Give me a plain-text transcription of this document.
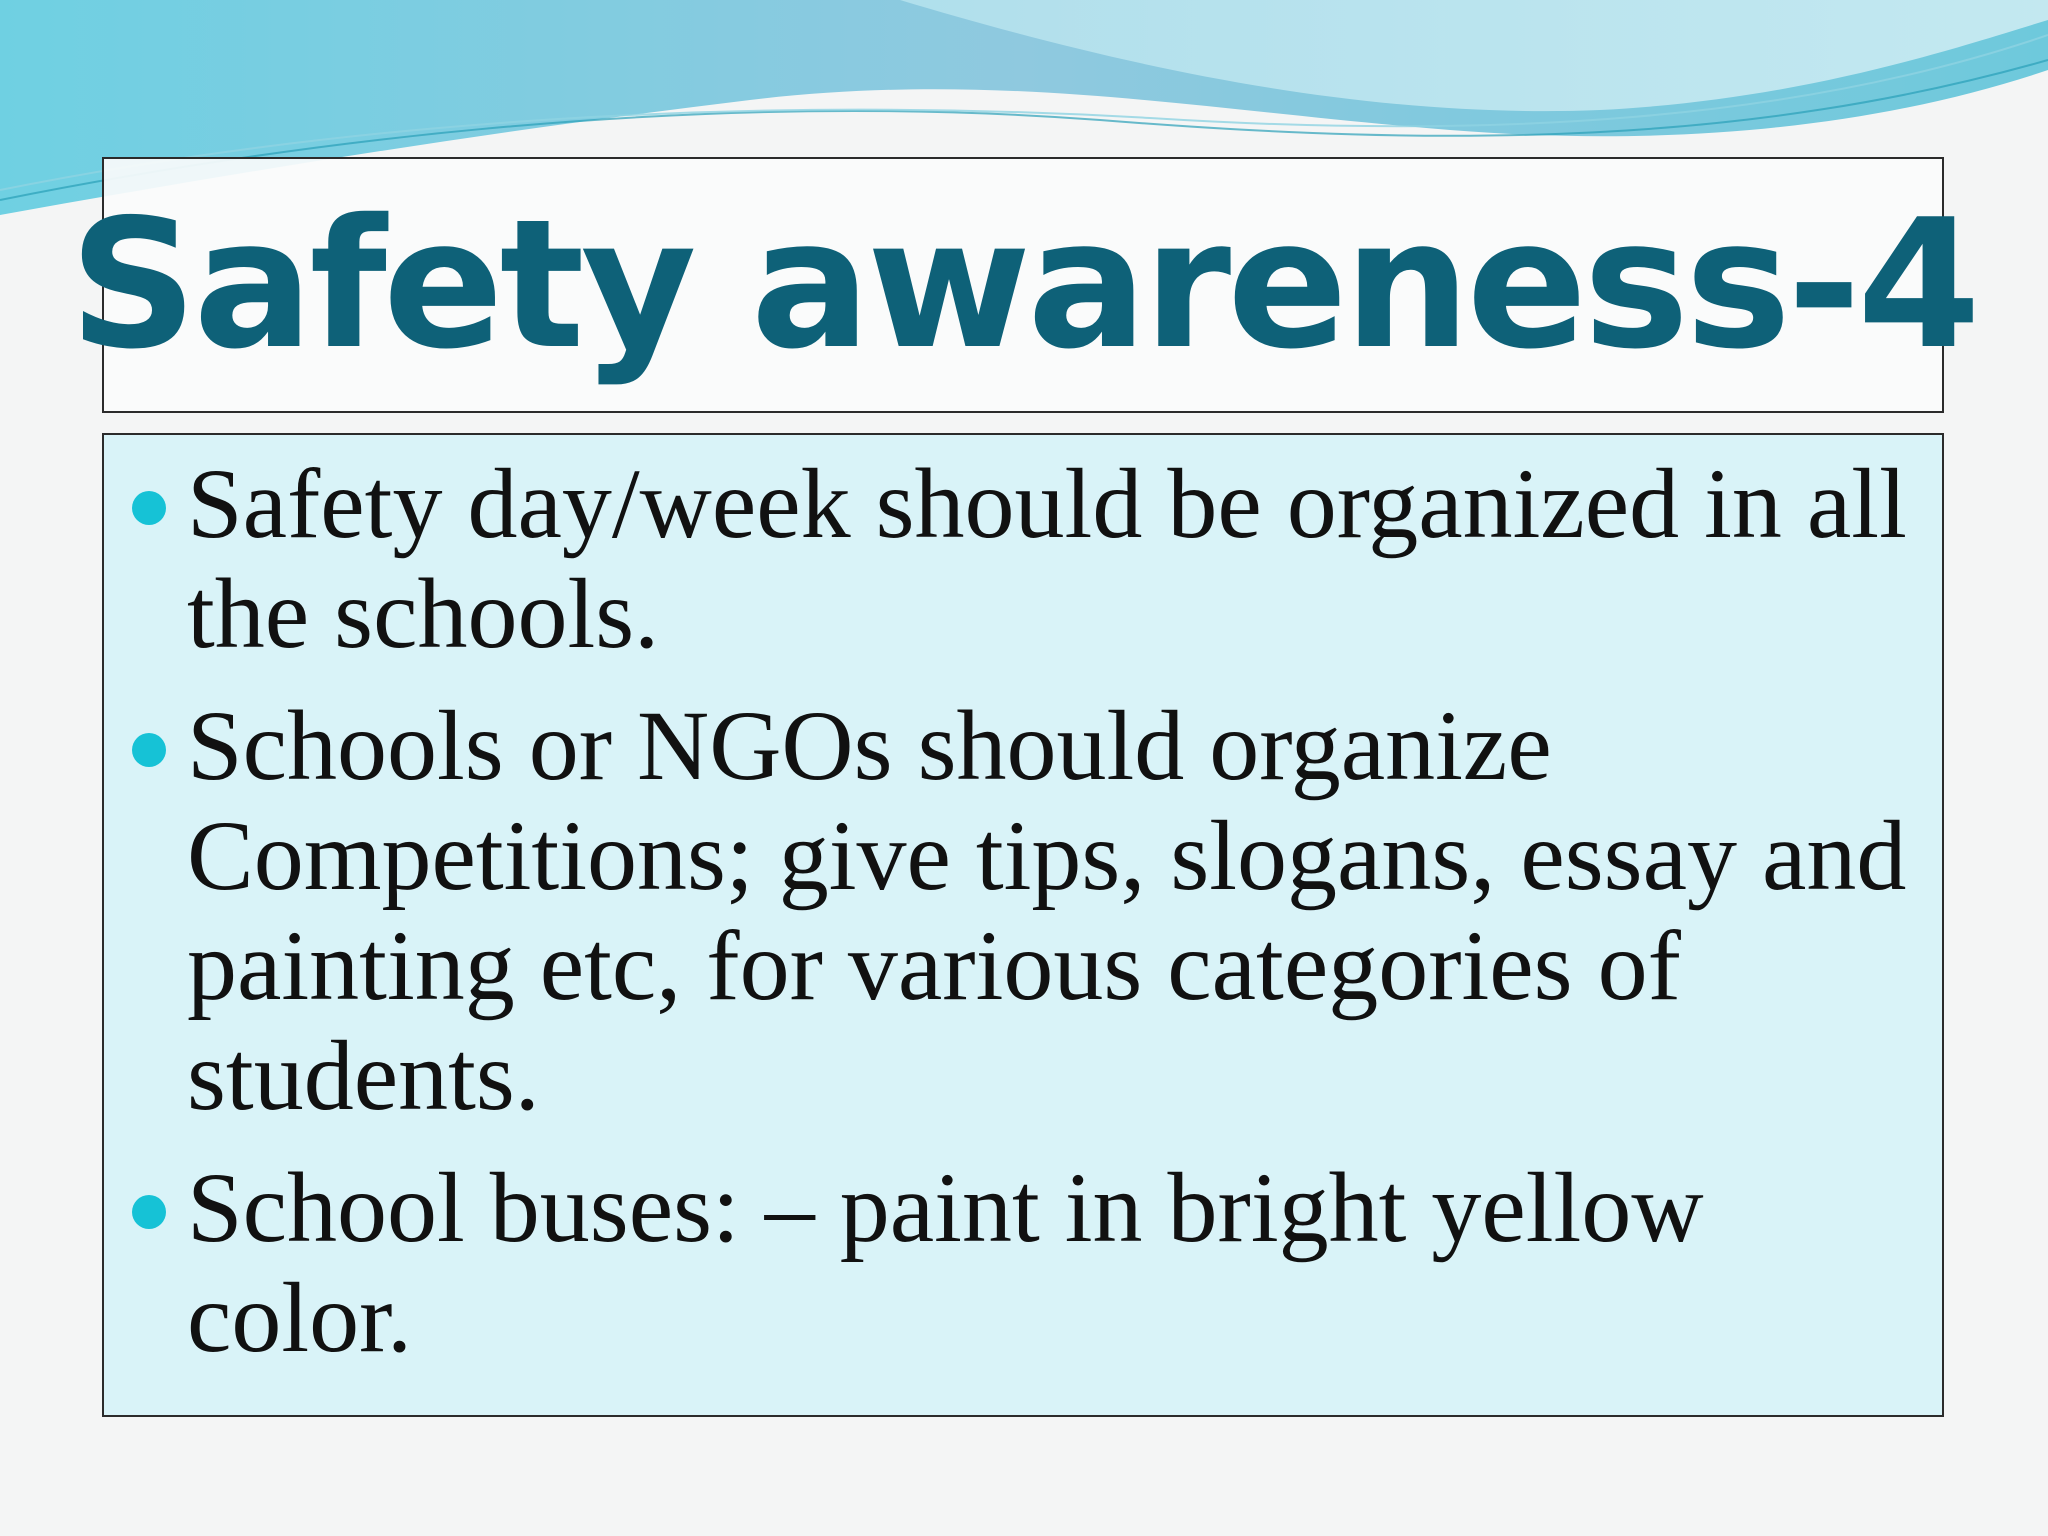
Safety awareness-4
Safety day/week should be organized in all the schools.
Schools or NGOs should organize Competitions; give tips, slogans, essay and painting etc, for various categories of students.
School buses: – paint in bright yellow color.
